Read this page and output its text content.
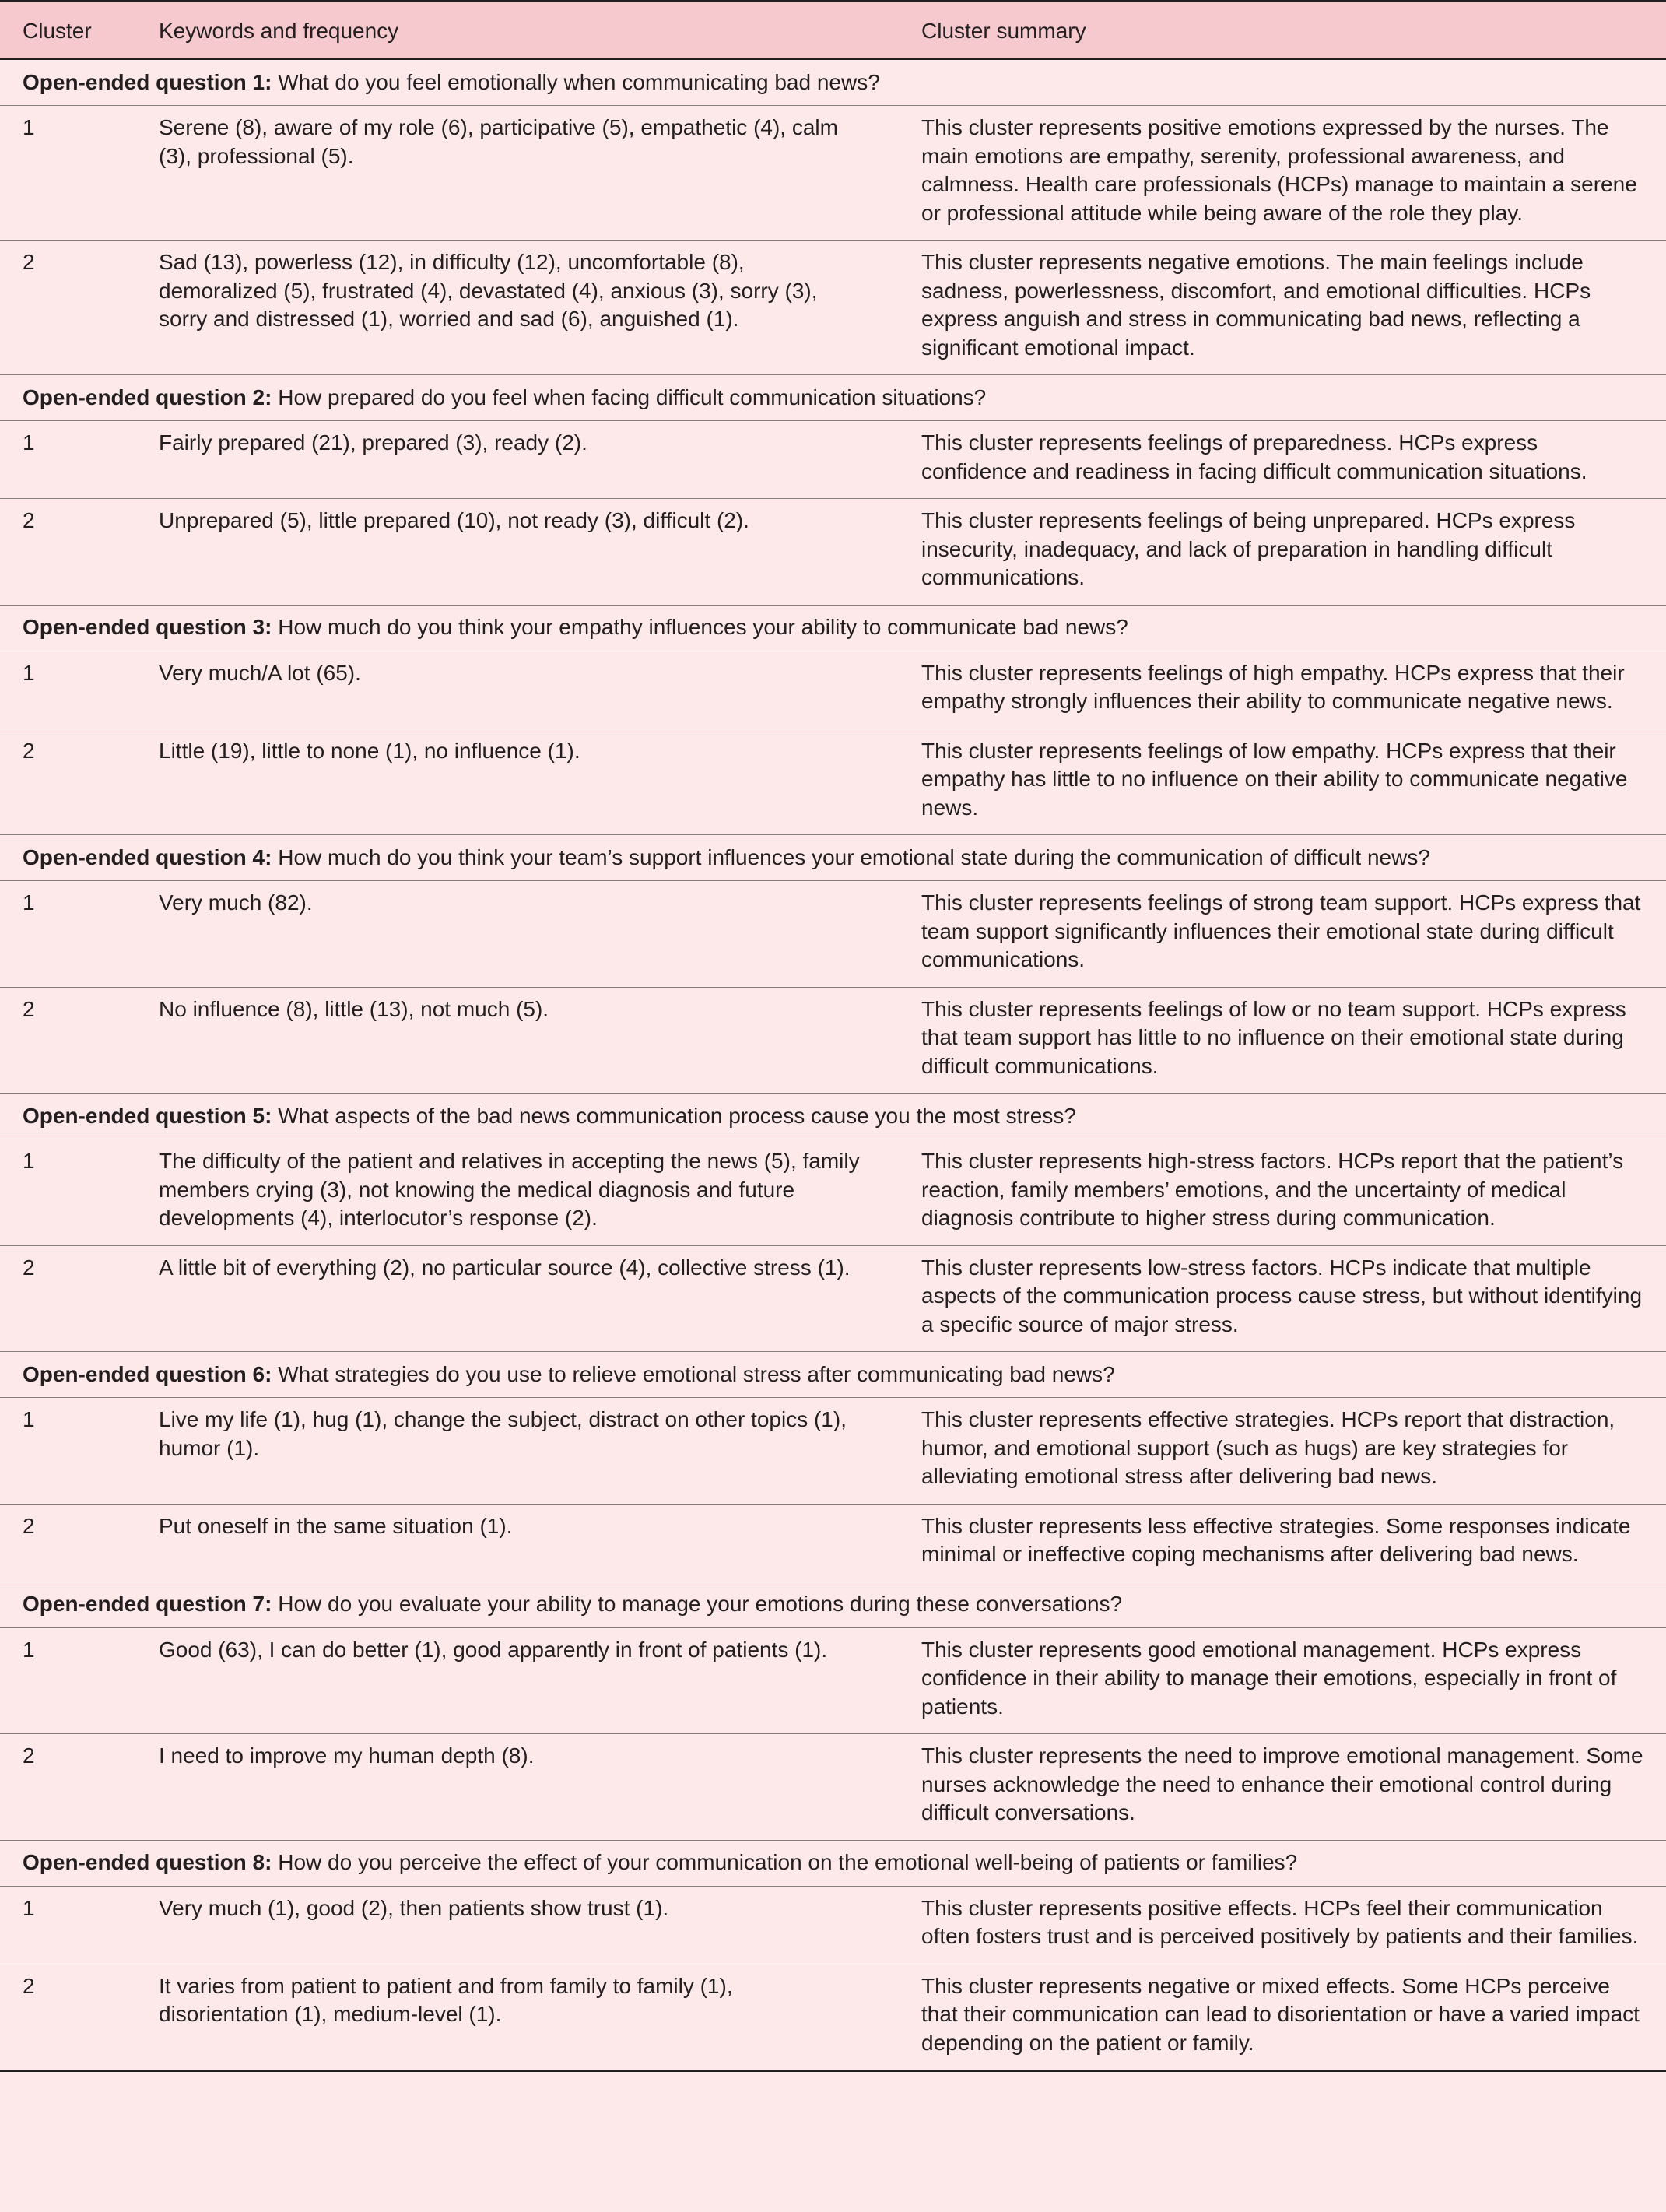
Cluster	Keywords and frequency	Cluster summary
Open-ended question 1: What do you feel emotionally when communicating bad news?		
1	Serene (8), aware of my role (6), participative (5), empathetic (4), calm (3), professional (5).	This cluster represents positive emotions expressed by the nurses. The main emotions are empathy, serenity, professional awareness, and calmness. Health care professionals (HCPs) manage to maintain a serene or professional attitude while being aware of the role they play.
2	Sad (13), powerless (12), in difficulty (12), uncomfortable (8), demoralized (5), frustrated (4), devastated (4), anxious (3), sorry (3), sorry and distressed (1), worried and sad (6), anguished (1).	This cluster represents negative emotions. The main feelings include sadness, powerlessness, discomfort, and emotional difficulties. HCPs express anguish and stress in communicating bad news, reflecting a significant emotional impact.
Open-ended question 2: How prepared do you feel when facing difficult communication situations?		
1	Fairly prepared (21), prepared (3), ready (2).	This cluster represents feelings of preparedness. HCPs express confidence and readiness in facing difficult communication situations.
2	Unprepared (5), little prepared (10), not ready (3), difficult (2).	This cluster represents feelings of being unprepared. HCPs express insecurity, inadequacy, and lack of preparation in handling difficult communications.
Open-ended question 3: How much do you think your empathy influences your ability to communicate bad news?		
1	Very much/A lot (65).	This cluster represents feelings of high empathy. HCPs express that their empathy strongly influences their ability to communicate negative news.
2	Little (19), little to none (1), no influence (1).	This cluster represents feelings of low empathy. HCPs express that their empathy has little to no influence on their ability to communicate negative news.
Open-ended question 4: How much do you think your team’s support influences your emotional state during the communication of difficult news?		
1	Very much (82).	This cluster represents feelings of strong team support. HCPs express that team support significantly influences their emotional state during difficult communications.
2	No influence (8), little (13), not much (5).	This cluster represents feelings of low or no team support. HCPs express that team support has little to no influence on their emotional state during difficult communications.
Open-ended question 5: What aspects of the bad news communication process cause you the most stress?		
1	The difficulty of the patient and relatives in accepting the news (5), family members crying (3), not knowing the medical diagnosis and future developments (4), interlocutor’s response (2).	This cluster represents high-stress factors. HCPs report that the patient’s reaction, family members’ emotions, and the uncertainty of medical diagnosis contribute to higher stress during communication.
2	A little bit of everything (2), no particular source (4), collective stress (1).	This cluster represents low-stress factors. HCPs indicate that multiple aspects of the communication process cause stress, but without identifying a specific source of major stress.
Open-ended question 6: What strategies do you use to relieve emotional stress after communicating bad news?		
1	Live my life (1), hug (1), change the subject, distract on other topics (1), humor (1).	This cluster represents effective strategies. HCPs report that distraction, humor, and emotional support (such as hugs) are key strategies for alleviating emotional stress after delivering bad news.
2	Put oneself in the same situation (1).	This cluster represents less effective strategies. Some responses indicate minimal or ineffective coping mechanisms after delivering bad news.
Open-ended question 7: How do you evaluate your ability to manage your emotions during these conversations?		
1	Good (63), I can do better (1), good apparently in front of patients (1).	This cluster represents good emotional management. HCPs express confidence in their ability to manage their emotions, especially in front of patients.
2	I need to improve my human depth (8).	This cluster represents the need to improve emotional management. Some nurses acknowledge the need to enhance their emotional control during difficult conversations.
Open-ended question 8: How do you perceive the effect of your communication on the emotional well-being of patients or families?		
1	Very much (1), good (2), then patients show trust (1).	This cluster represents positive effects. HCPs feel their communication often fosters trust and is perceived positively by patients and their families.
2	It varies from patient to patient and from family to family (1), disorientation (1), medium-level (1).	This cluster represents negative or mixed effects. Some HCPs perceive that their communication can lead to disorientation or have a varied impact depending on the patient or family.
